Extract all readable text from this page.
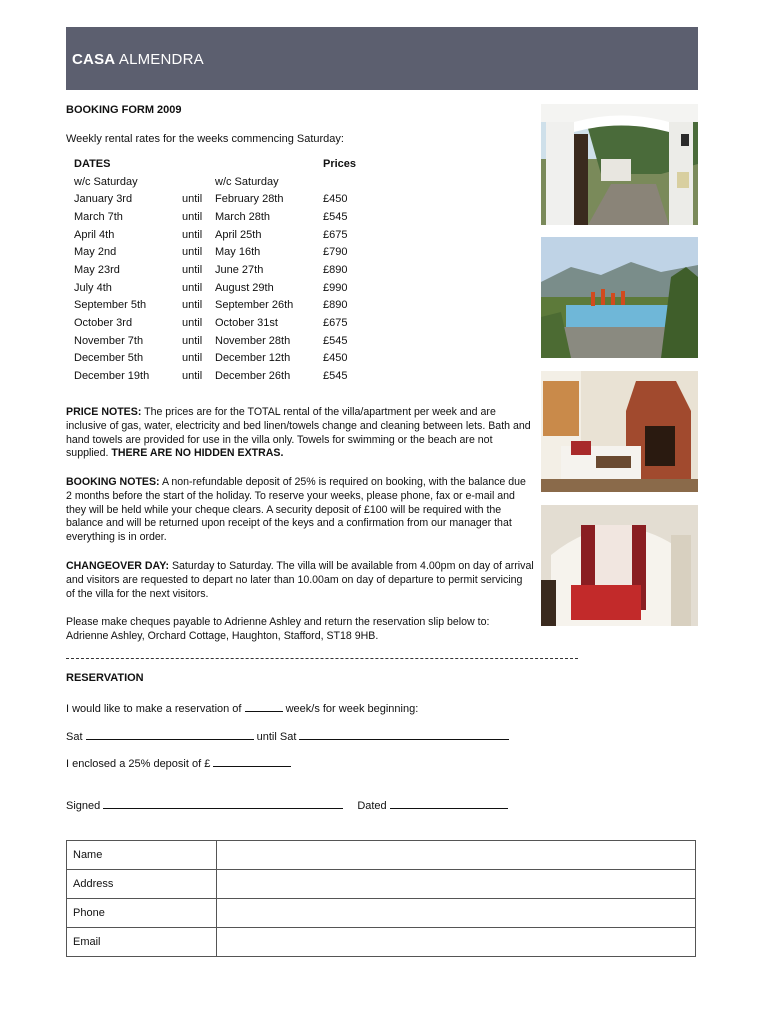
CASA ALMENDRA
BOOKING FORM 2009
Weekly rental rates for the weeks commencing Saturday:
DATES			Prices
w/c Saturday		w/c Saturday	
January 3rd	until	February 28th	£450
March 7th	until	March 28th	£545
April 4th	until	April 25th	£675
May 2nd	until	May 16th	£790
May 23rd	until	June 27th	£890
July 4th	until	August 29th	£990
September 5th	until	September 26th	£890
October 3rd	until	October 31st	£675
November 7th	until	November 28th	£545
December 5th	until	December 12th	£450
December 19th	until	December 26th	£545
PRICE NOTES: The prices are for the TOTAL rental of the villa/apartment per week and are inclusive of gas, water, electricity and bed linen/towels change and cleaning between lets. Bath and hand towels are provided for use in the villa only. Towels for swimming or the beach are not supplied. THERE ARE NO HIDDEN EXTRAS.
BOOKING NOTES: A non-refundable deposit of 25% is required on booking, with the balance due 2 months before the start of the holiday. To reserve your weeks, please phone, fax or e-mail and they will be held while your cheque clears. A security deposit of £100 will be required with the balance and will be returned upon receipt of the keys and a confirmation from our manager that everything is in order.
CHANGEOVER DAY: Saturday to Saturday. The villa will be available from 4.00pm on day of arrival and visitors are requested to depart no later than 10.00am on day of departure to permit servicing of the villa for the next visitors.
Please make cheques payable to Adrienne Ashley and return the reservation slip below to: Adrienne Ashley, Orchard Cottage, Haughton, Stafford, ST18 9HB.
RESERVATION
I would like to make a reservation of	week/s for week beginning:
Sat	until Sat
I enclosed a 25% deposit of £
Signed	Dated
Name	
Address	
Phone	
Email	
